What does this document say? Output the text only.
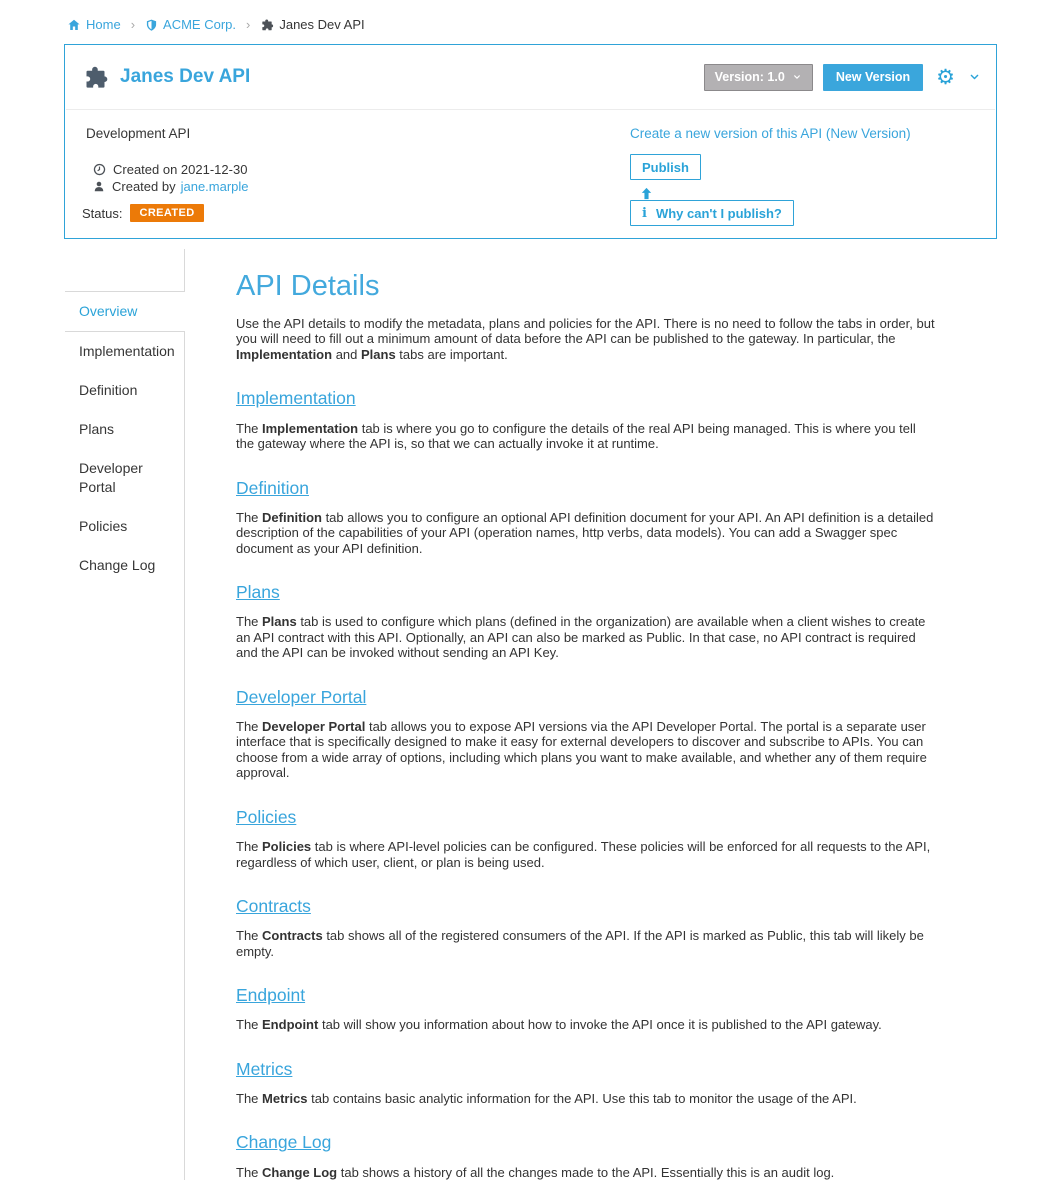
Home › ACME Corp. › Janes Dev API
Janes Dev API	Version: 1.0	New Version	⚙
Development API
Created on 2021-12-30
Created by jane.marple
Status:	CREATED
Create a new version of this API (New Version)
Publish
i Why can't I publish?
Overview
Implementation
Definition
Plans
Developer Portal
Policies
Change Log
API Details

Use the API details to modify the metadata, plans and policies for the API. There is no need to follow the tabs in order, but you will need to fill out a minimum amount of data before the API can be published to the gateway. In particular, the Implementation and Plans tabs are important.

Implementation

The Implementation tab is where you go to configure the details of the real API being managed. This is where you tell the gateway where the API is, so that we can actually invoke it at runtime.

Definition

The Definition tab allows you to configure an optional API definition document for your API. An API definition is a detailed description of the capabilities of your API (operation names, http verbs, data models). You can add a Swagger spec document as your API definition.

Plans

The Plans tab is used to configure which plans (defined in the organization) are available when a client wishes to create an API contract with this API. Optionally, an API can also be marked as Public. In that case, no API contract is required and the API can be invoked without sending an API Key.

Developer Portal

The Developer Portal tab allows you to expose API versions via the API Developer Portal. The portal is a separate user interface that is specifically designed to make it easy for external developers to discover and subscribe to APIs. You can choose from a wide array of options, including which plans you want to make available, and whether any of them require approval.

Policies

The Policies tab is where API-level policies can be configured. These policies will be enforced for all requests to the API, regardless of which user, client, or plan is being used.

Contracts

The Contracts tab shows all of the registered consumers of the API. If the API is marked as Public, this tab will likely be empty.

Endpoint

The Endpoint tab will show you information about how to invoke the API once it is published to the API gateway.

Metrics

The Metrics tab contains basic analytic information for the API. Use this tab to monitor the usage of the API.

Change Log

The Change Log tab shows a history of all the changes made to the API. Essentially this is an audit log.
